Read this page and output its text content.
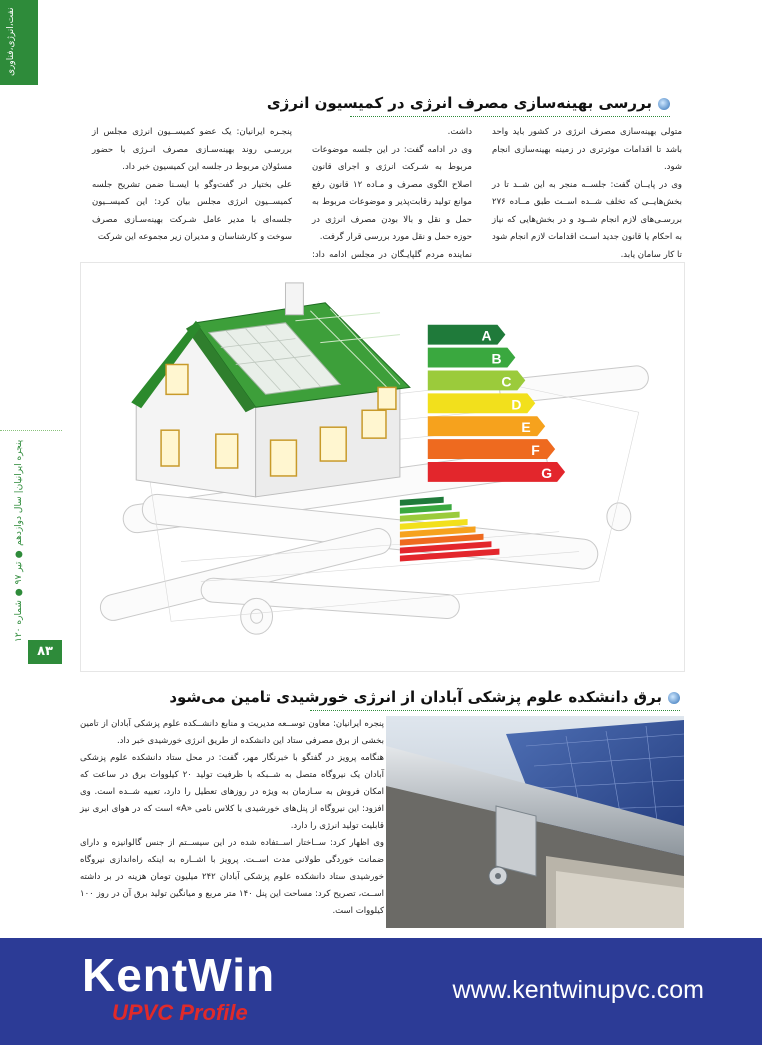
نفت،انرژی،فناوری
پنجره ایرانیان| سال دوازدهم ● تیر ۹۷ ● شماره ۱۲۰
۸۳
بررسی بهینه‌سازی مصرف انرژی در کمیسیون انرژی

پنجـره ایرانیان: یک عضو کمیســیون انرژی مجلس از بررسـی روند بهینه‌سـازی مصرف انـرژی با حضور مسئولان مربوط در جلسه این کمیسیون خبر داد.

علی بختیار در گفت‌وگو با ایسـنا ضمن تشریح جلسه کمیســیون انرژی مجلس بیان کرد: این کمیســیون جلسه‌ای با مدیر عامل شـرکت بهینه‌سـازی مصرف سوخت و کارشناسان و مدیران زیر مجموعه این شرکت

داشت.

وی در ادامه گفت: در این جلسه موضوعات مربوط به شـرکت انرژی و اجرای قانون اصلاح الگوی مصرف و مـاده ۱۲ قانون رفع موانع تولید رقابت‌پذیر و موضوعات مربوط به حمل و نقل و بالا بودن مصرف انرژی در حوزه حمل و نقل مورد بررسی قرار گرفت.

نماینده مردم گلپایـگان در مجلس ادامه داد:

متولی بهینه‌سازی مصرف انرژی در کشور باید واحد باشد تا اقدامات موثرتری در زمینه بهینه‌سازی انجام شود.

وی در پایــان گفت: جلســه منجر به این شــد تا در بخش‌هایــی که تخلف شــده اســت طبق مــاده ۲۷۶ بررسـی‌های لازم انجام شــود و در بخش‌هایی که نیاز به احکام یا قانون جدید اسـت اقدامات لازم انجام شود تا کار سامان یابد.

A
B
C
D
E
F
G
برق دانشکده علوم پزشکی آبادان از انرژی خورشیدی تامین می‌شود

پنجره ایرانیان: معاون توســعه مدیریت و منابع دانشــکده علوم پزشکی آبادان از تامین بخشی از برق مصرفی ستاد این دانشکده از طریق انرژی خورشیدی خبر داد.

هنگامه پرویز در گفتگو با خبرنگار مهر، گفت: در محل ستاد دانشکده علوم پزشکی آبادان یک نیروگاه متصل به شــبکه با ظرفیت تولید ۲۰ کیلووات برق در ساعت که امکان فروش به سـازمان به ویژه در روزهای تعطیل را دارد، تعبیه شــده است. وی افزود: این نیروگاه از پنل‌های خورشیدی با کلاس نامی «A» است که در هوای ابری نیز قابلیت تولید انرژی را دارد.

وی اظهار کرد: ســاختار اســتفاده شده در این سیســتم از جنس گالوانیزه و دارای ضمانت خوردگی طولانی مدت اســت. پرویز با اشــاره به اینکه راه‌اندازی نیروگاه خورشیدی ستاد دانشکده علوم پزشکی آبادان ۲۴۲ میلیون تومان هزینه در بر داشته اســت، تصریح کرد: مساحت این پنل ۱۴۰ متر مربع و میانگین تولید برق آن در روز ۱۰۰ کیلووات است.

KentWin
UPVC Profile
www.kentwinupvc.com
